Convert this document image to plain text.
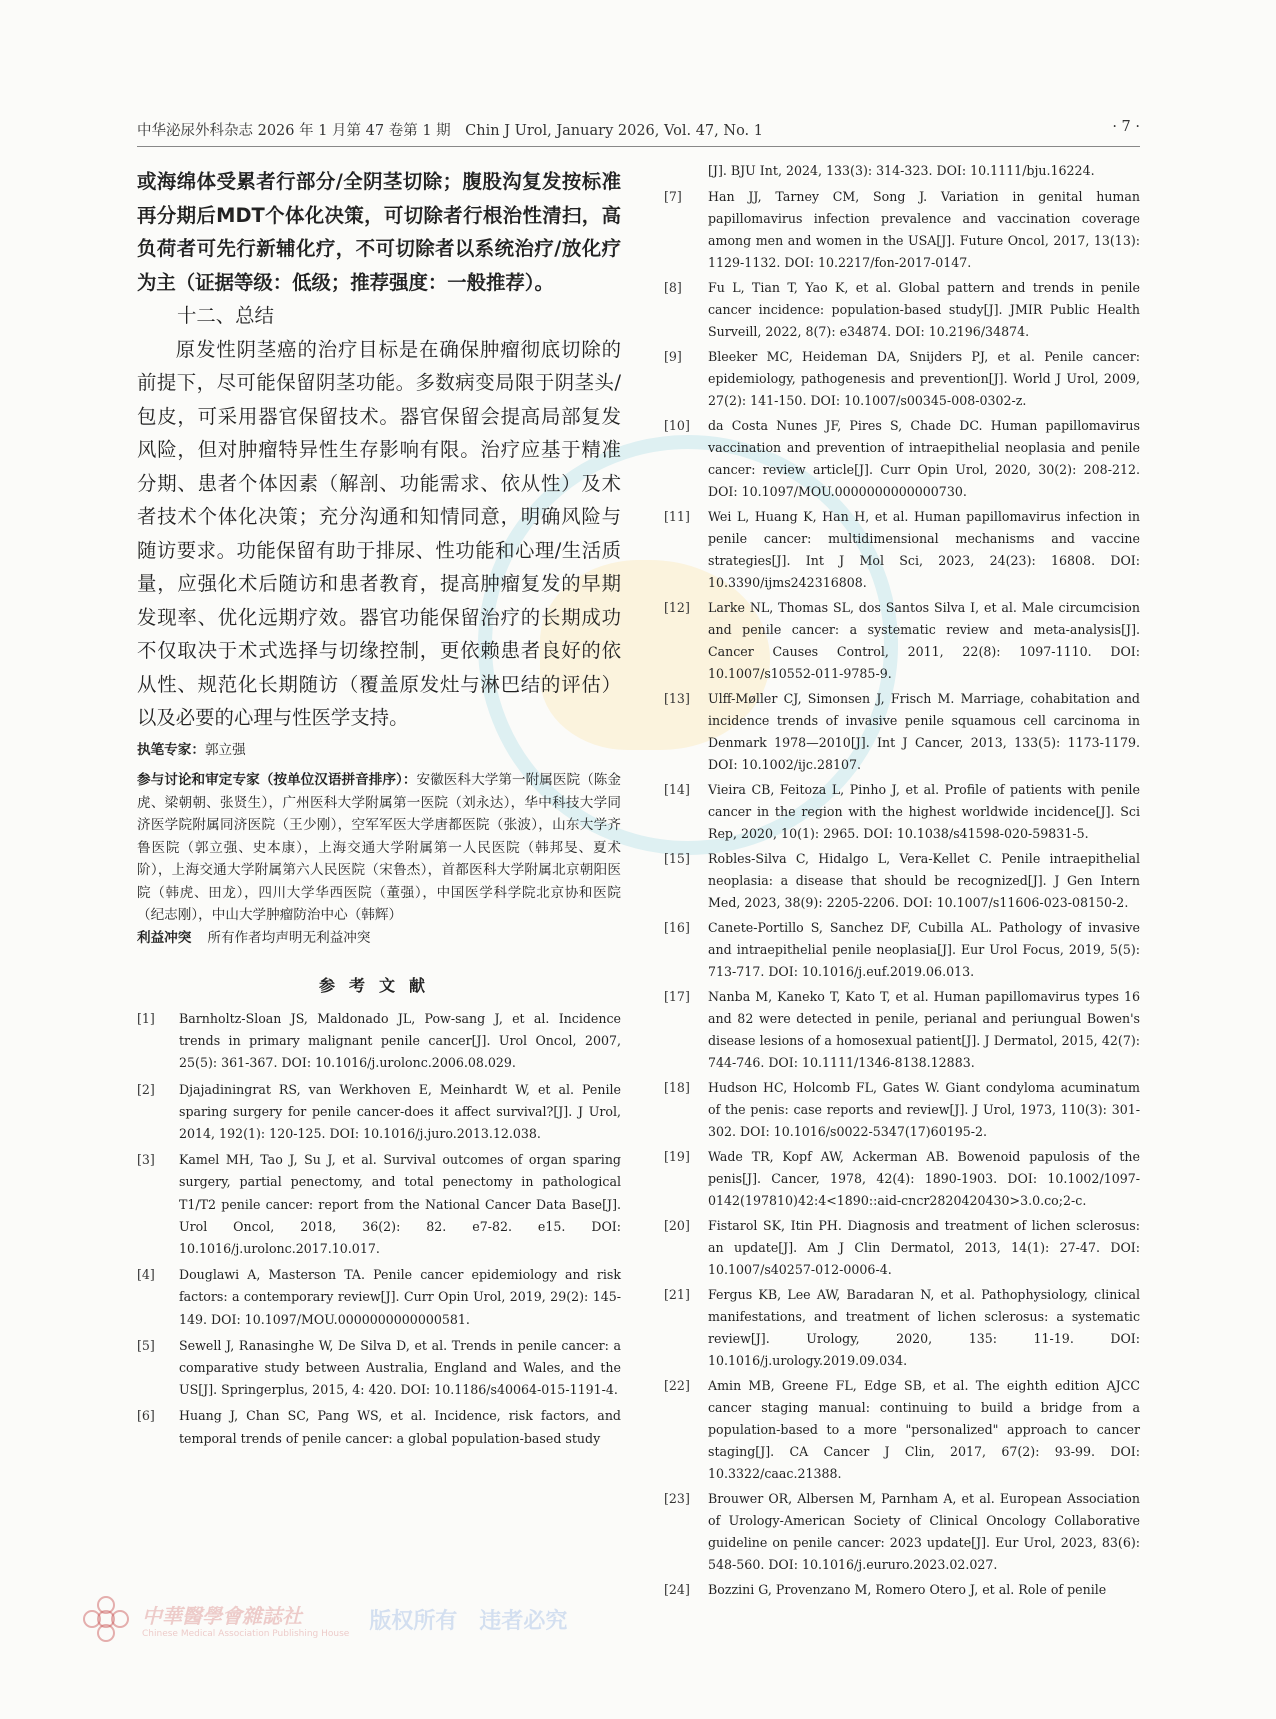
中华泌尿外科杂志 2026 年 1 月第 47 卷第 1 期　Chin J Urol, January 2026, Vol. 47, No. 1	· 7 ·

或海绵体受累者行部分/全阴茎切除；腹股沟复发按标准再分期后MDT个体化决策，可切除者行根治性清扫，高负荷者可先行新辅化疗，不可切除者以系统治疗/放化疗为主（证据等级：低级；推荐强度：一般推荐）。

十二、总结

原发性阴茎癌的治疗目标是在确保肿瘤彻底切除的前提下，尽可能保留阴茎功能。多数病变局限于阴茎头/包皮，可采用器官保留技术。器官保留会提高局部复发风险，但对肿瘤特异性生存影响有限。治疗应基于精准分期、患者个体因素（解剖、功能需求、依从性）及术者技术个体化决策；充分沟通和知情同意，明确风险与随访要求。功能保留有助于排尿、性功能和心理/生活质量，应强化术后随访和患者教育，提高肿瘤复发的早期发现率、优化远期疗效。器官功能保留治疗的长期成功不仅取决于术式选择与切缘控制，更依赖患者良好的依从性、规范化长期随访（覆盖原发灶与淋巴结的评估）以及必要的心理与性医学支持。

执笔专家：郭立强

参与讨论和审定专家（按单位汉语拼音排序）：安徽医科大学第一附属医院（陈金虎、梁朝朝、张贤生），广州医科大学附属第一医院（刘永达），华中科技大学同济医学院附属同济医院（王少刚），空军军医大学唐都医院（张波），山东大学齐鲁医院（郭立强、史本康），上海交通大学附属第一人民医院（韩邦旻、夏术阶），上海交通大学附属第六人民医院（宋鲁杰），首都医科大学附属北京朝阳医院（韩虎、田龙），四川大学华西医院（董强），中国医学科学院北京协和医院（纪志刚），中山大学肿瘤防治中心（韩辉）

利益冲突 所有作者均声明无利益冲突

参考文献
[1]	Barnholtz-Sloan JS, Maldonado JL, Pow-sang J, et al. Incidence trends in primary malignant penile cancer[J]. Urol Oncol, 2007, 25(5): 361-367. DOI: 10.1016/j.urolonc.2006.08.029.
[2]	Djajadiningrat RS, van Werkhoven E, Meinhardt W, et al. Penile sparing surgery for penile cancer-does it affect survival?[J]. J Urol, 2014, 192(1): 120-125. DOI: 10.1016/j.juro.2013.12.038.
[3]	Kamel MH, Tao J, Su J, et al. Survival outcomes of organ sparing surgery, partial penectomy, and total penectomy in pathological T1/T2 penile cancer: report from the National Cancer Data Base[J]. Urol Oncol, 2018, 36(2): 82. e7-82. e15. DOI: 10.1016/j.urolonc.2017.10.017.
[4]	Douglawi A, Masterson TA. Penile cancer epidemiology and risk factors: a contemporary review[J]. Curr Opin Urol, 2019, 29(2): 145-149. DOI: 10.1097/MOU.0000000000000581.
[5]	Sewell J, Ranasinghe W, De Silva D, et al. Trends in penile cancer: a comparative study between Australia, England and Wales, and the US[J]. Springerplus, 2015, 4: 420. DOI: 10.1186/s40064-015-1191-4.
[6]	Huang J, Chan SC, Pang WS, et al. Incidence, risk factors, and temporal trends of penile cancer: a global population-based study

[J]. BJU Int, 2024, 133(3): 314-323. DOI: 10.1111/bju.16224.

[7]	Han JJ, Tarney CM, Song J. Variation in genital human papillomavirus infection prevalence and vaccination coverage among men and women in the USA[J]. Future Oncol, 2017, 13(13): 1129-1132. DOI: 10.2217/fon-2017-0147.
[8]	Fu L, Tian T, Yao K, et al. Global pattern and trends in penile cancer incidence: population-based study[J]. JMIR Public Health Surveill, 2022, 8(7): e34874. DOI: 10.2196/34874.
[9]	Bleeker MC, Heideman DA, Snijders PJ, et al. Penile cancer: epidemiology, pathogenesis and prevention[J]. World J Urol, 2009, 27(2): 141-150. DOI: 10.1007/s00345-008-0302-z.
[10]	da Costa Nunes JF, Pires S, Chade DC. Human papillomavirus vaccination and prevention of intraepithelial neoplasia and penile cancer: review article[J]. Curr Opin Urol, 2020, 30(2): 208-212. DOI: 10.1097/MOU.0000000000000730.
[11]	Wei L, Huang K, Han H, et al. Human papillomavirus infection in penile cancer: multidimensional mechanisms and vaccine strategies[J]. Int J Mol Sci, 2023, 24(23): 16808. DOI: 10.3390/ijms242316808.
[12]	Larke NL, Thomas SL, dos Santos Silva I, et al. Male circumcision and penile cancer: a systematic review and meta-analysis[J]. Cancer Causes Control, 2011, 22(8): 1097-1110. DOI: 10.1007/s10552-011-9785-9.
[13]	Ulff-Møller CJ, Simonsen J, Frisch M. Marriage, cohabitation and incidence trends of invasive penile squamous cell carcinoma in Denmark 1978—2010[J]. Int J Cancer, 2013, 133(5): 1173-1179. DOI: 10.1002/ijc.28107.
[14]	Vieira CB, Feitoza L, Pinho J, et al. Profile of patients with penile cancer in the region with the highest worldwide incidence[J]. Sci Rep, 2020, 10(1): 2965. DOI: 10.1038/s41598-020-59831-5.
[15]	Robles-Silva C, Hidalgo L, Vera-Kellet C. Penile intraepithelial neoplasia: a disease that should be recognized[J]. J Gen Intern Med, 2023, 38(9): 2205-2206. DOI: 10.1007/s11606-023-08150-2.
[16]	Canete-Portillo S, Sanchez DF, Cubilla AL. Pathology of invasive and intraepithelial penile neoplasia[J]. Eur Urol Focus, 2019, 5(5): 713-717. DOI: 10.1016/j.euf.2019.06.013.
[17]	Nanba M, Kaneko T, Kato T, et al. Human papillomavirus types 16 and 82 were detected in penile, perianal and periungual Bowen's disease lesions of a homosexual patient[J]. J Dermatol, 2015, 42(7): 744-746. DOI: 10.1111/1346-8138.12883.
[18]	Hudson HC, Holcomb FL, Gates W. Giant condyloma acuminatum of the penis: case reports and review[J]. J Urol, 1973, 110(3): 301-302. DOI: 10.1016/s0022-5347(17)60195-2.
[19]	Wade TR, Kopf AW, Ackerman AB. Bowenoid papulosis of the penis[J]. Cancer, 1978, 42(4): 1890-1903. DOI: 10.1002/1097-0142(197810)42:4<1890::aid-cncr2820420430>3.0.co;2-c.
[20]	Fistarol SK, Itin PH. Diagnosis and treatment of lichen sclerosus: an update[J]. Am J Clin Dermatol, 2013, 14(1): 27-47. DOI: 10.1007/s40257-012-0006-4.
[21]	Fergus KB, Lee AW, Baradaran N, et al. Pathophysiology, clinical manifestations, and treatment of lichen sclerosus: a systematic review[J]. Urology, 2020, 135: 11-19. DOI: 10.1016/j.urology.2019.09.034.
[22]	Amin MB, Greene FL, Edge SB, et al. The eighth edition AJCC cancer staging manual: continuing to build a bridge from a population-based to a more "personalized" approach to cancer staging[J]. CA Cancer J Clin, 2017, 67(2): 93-99. DOI: 10.3322/caac.21388.
[23]	Brouwer OR, Albersen M, Parnham A, et al. European Association of Urology-American Society of Clinical Oncology Collaborative guideline on penile cancer: 2023 update[J]. Eur Urol, 2023, 83(6): 548-560. DOI: 10.1016/j.eururo.2023.02.027.
[24]	Bozzini G, Provenzano M, Romero Otero J, et al. Role of penile
中華醫學會雜誌社
Chinese Medical Association Publishing House 版权所有　违者必究
